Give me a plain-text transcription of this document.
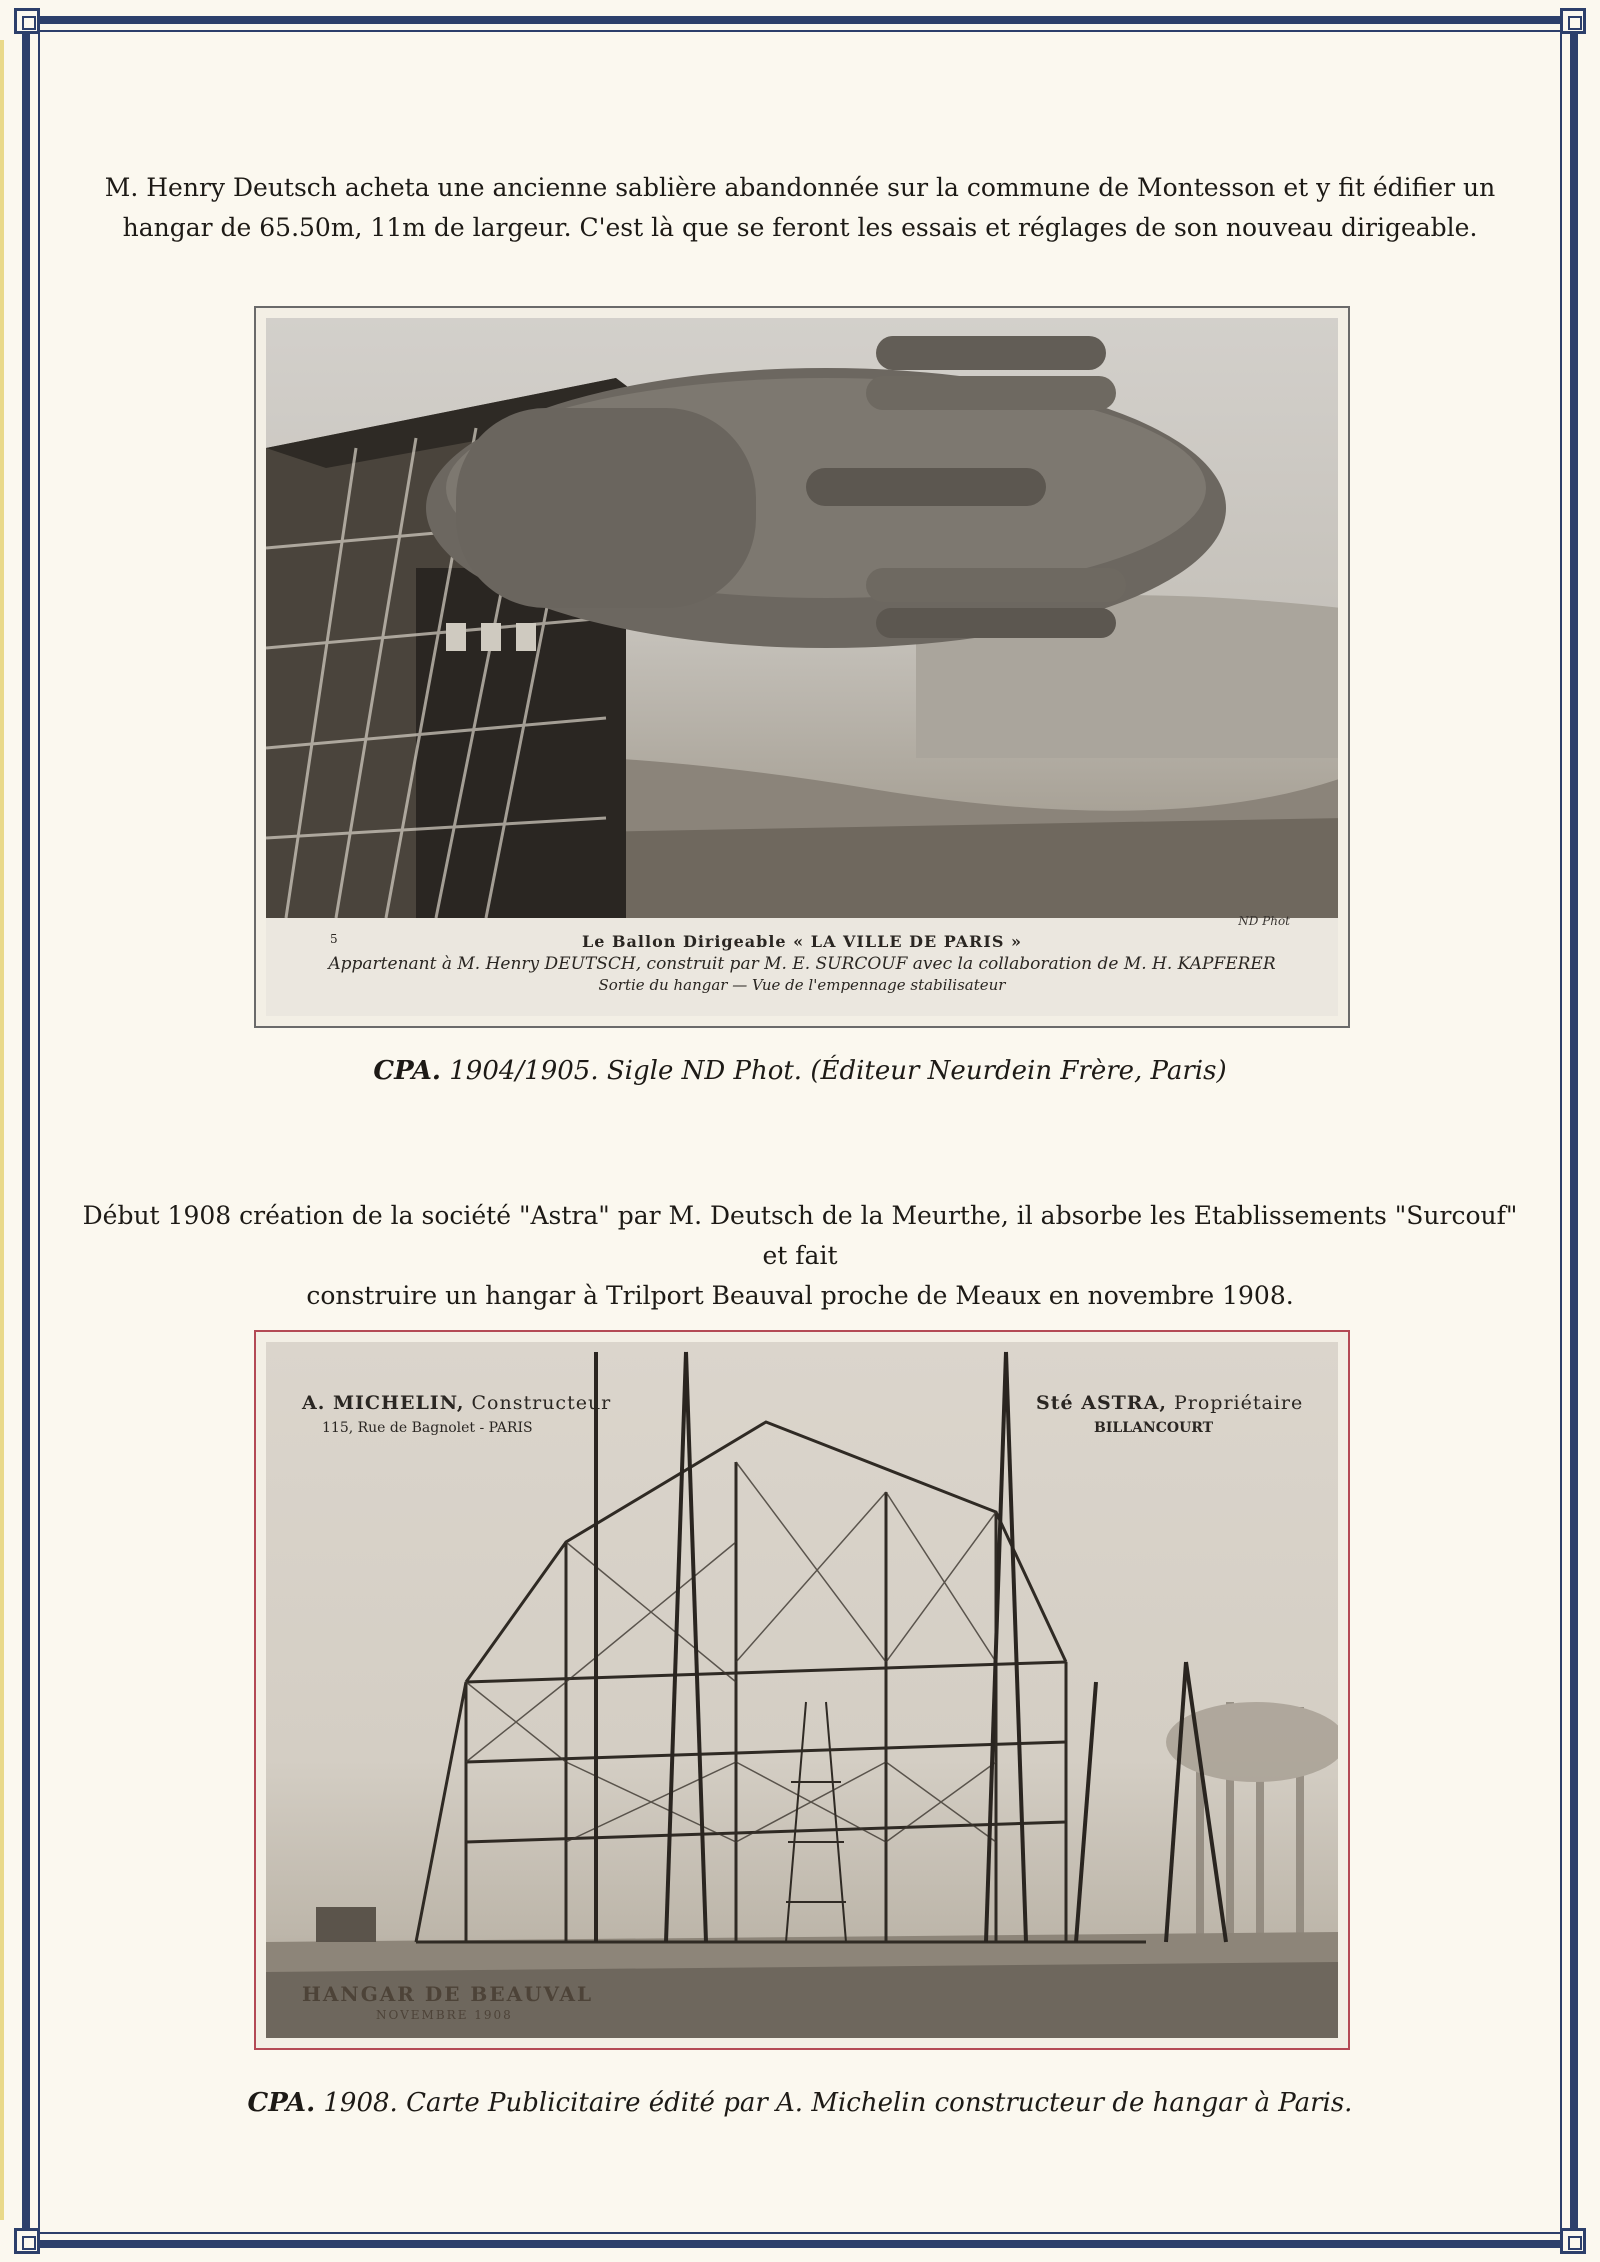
M. Henry Deutsch acheta une ancienne sablière abandonnée sur la commune de Montesson et y fit édifier un hangar de 65.50m, 11m de largeur. C'est là que se feront les essais et réglages de son nouveau dirigeable.
5
ND Phot
Le Ballon Dirigeable « LA VILLE DE PARIS »
Appartenant à M. Henry DEUTSCH, construit par M. E. SURCOUF avec la collaboration de M. H. KAPFERER
Sortie du hangar — Vue de l'empennage stabilisateur
CPA. 1904/1905. Sigle ND Phot. (Éditeur Neurdein Frère, Paris)
Début 1908 création de la société "Astra" par M. Deutsch de la Meurthe, il absorbe les Etablissements "Surcouf" et fait
construire un hangar à Trilport Beauval proche de Meaux en novembre 1908.
A. MICHELIN, Constructeur
115, Rue de Bagnolet - PARIS
Sté ASTRA, Propriétaire
BILLANCOURT
HANGAR DE BEAUVAL
NOVEMBRE 1908
CPA. 1908. Carte Publicitaire édité par A. Michelin constructeur de hangar à Paris.
